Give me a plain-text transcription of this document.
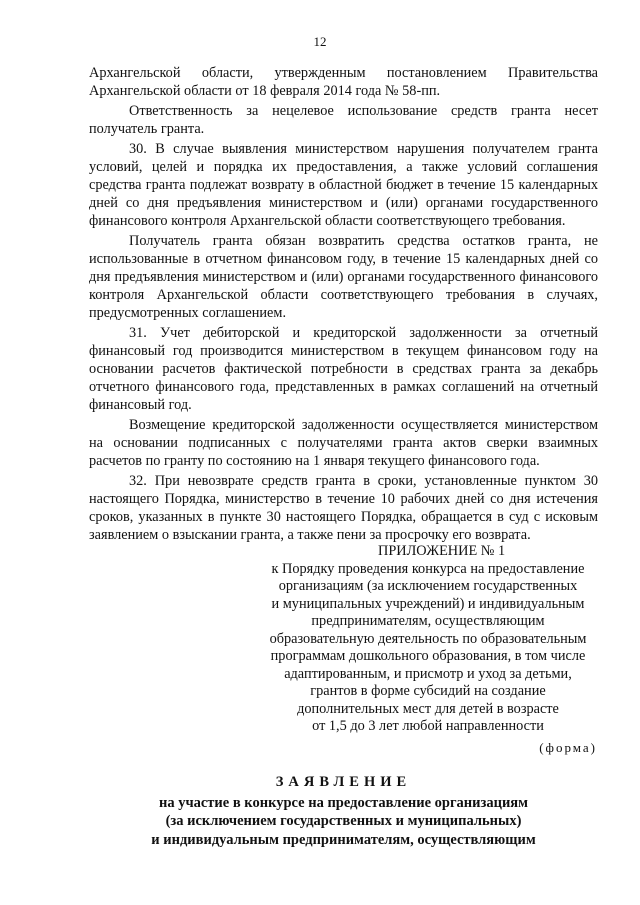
12

Архангельской области, утвержденным постановлением Правительства Архангельской области от 18 февраля 2014 года № 58-пп.

Ответственность за нецелевое использование средств гранта несет получатель гранта.

30. В случае выявления министерством нарушения получателем гранта условий, целей и порядка их предоставления, а также условий соглашения средства гранта подлежат возврату в областной бюджет в течение 15 календарных дней со дня предъявления министерством и (или) органами государственного финансового контроля Архангельской области соответствующего требования.

Получатель гранта обязан возвратить средства остатков гранта, не использованные в отчетном финансовом году, в течение 15 календарных дней со дня предъявления министерством и (или) органами государственного финансового контроля Архангельской области соответствующего требования в случаях, предусмотренных соглашением.

31. Учет дебиторской и кредиторской задолженности за отчетный финансовый год производится министерством в текущем финансовом году на основании расчетов фактической потребности в средствах гранта за декабрь отчетного финансового года, представленных в рамках соглашений на отчетный финансовый год.

Возмещение кредиторской задолженности осуществляется министерством на основании подписанных с получателями гранта актов сверки взаимных расчетов по гранту по состоянию на 1 января текущего финансового года.

32. При невозврате средств гранта в сроки, установленные пунктом 30 настоящего Порядка, министерство в течение 10 рабочих дней со дня истечения сроков, указанных в пункте 30 настоящего Порядка, обращается в суд с исковым заявлением о взыскании гранта, а также пени за просрочку его возврата.

ПРИЛОЖЕНИЕ № 1
к Порядку проведения конкурса на предоставление
организациям (за исключением государственных
и муниципальных учреждений) и индивидуальным
предпринимателям, осуществляющим
образовательную деятельность по образовательным
программам дошкольного образования, в том числе
адаптированным, и присмотр и уход за детьми,
грантов в форме субсидий на создание
дополнительных мест для детей в возрасте
от 1,5 до 3 лет любой направленности
(форма)
ЗАЯВЛЕНИЕ
на участие в конкурсе на предоставление организациям
(за исключением государственных и муниципальных)
и индивидуальным предпринимателям, осуществляющим
